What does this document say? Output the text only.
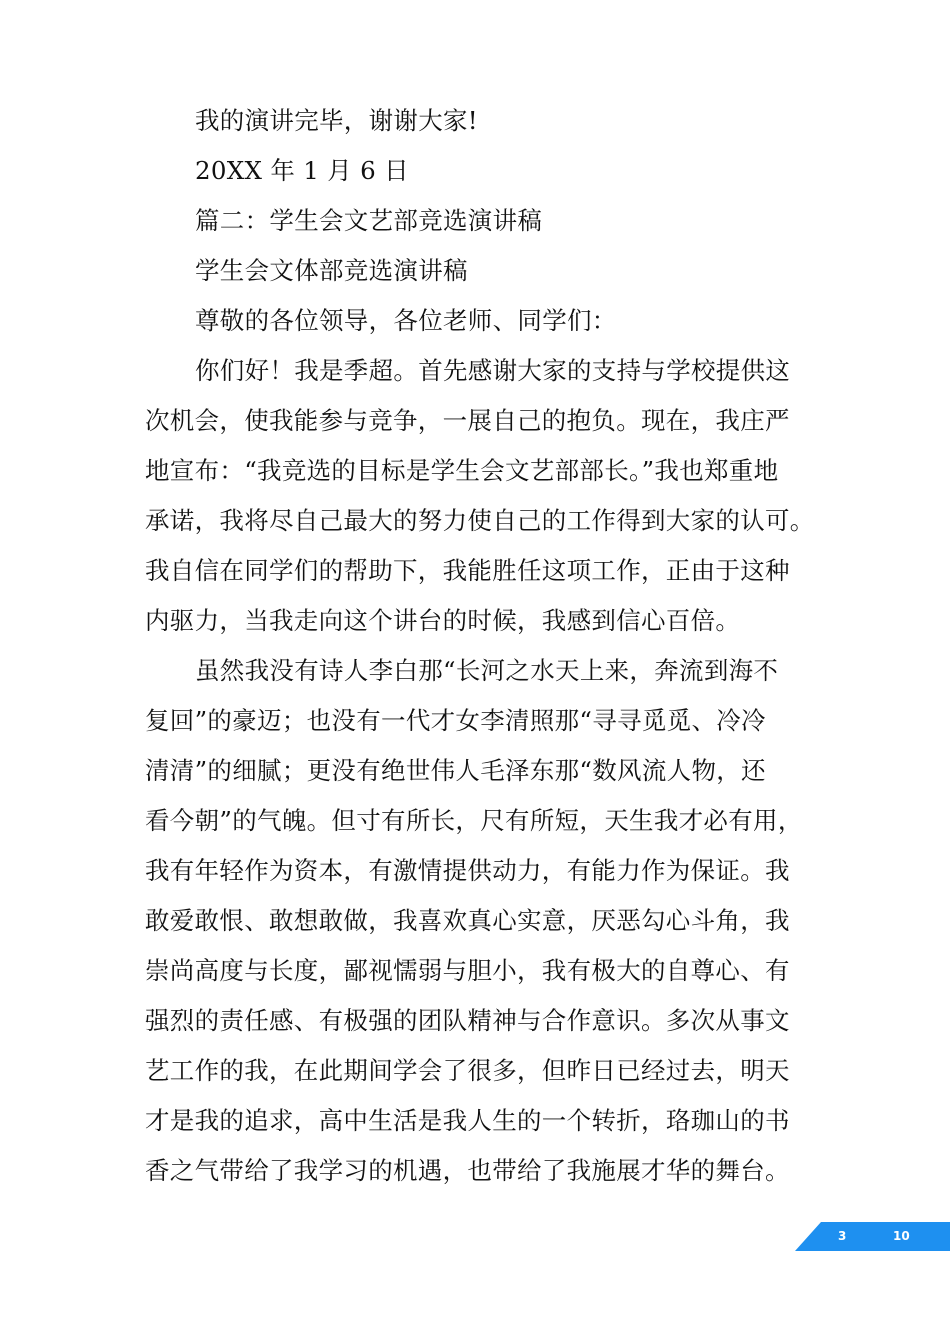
我的演讲完毕，谢谢大家!
20XX 年 1 月 6 日
篇二：学生会文艺部竞选演讲稿
学生会文体部竞选演讲稿
尊敬的各位领导，各位老师、同学们：
你们好！我是季超。首先感谢大家的支持与学校提供这
次机会，使我能参与竞争，一展自己的抱负。现在，我庄严
地宣布：“我竞选的目标是学生会文艺部部长。”我也郑重地
承诺，我将尽自己最大的努力使自己的工作得到大家的认可。
我自信在同学们的帮助下，我能胜任这项工作，正由于这种
内驱力，当我走向这个讲台的时候，我感到信心百倍。
虽然我没有诗人李白那“长河之水天上来，奔流到海不
复回”的豪迈；也没有一代才女李清照那“寻寻觅觅、冷冷
清清”的细腻；更没有绝世伟人毛泽东那“数风流人物，还
看今朝”的气魄。但寸有所长，尺有所短，天生我才必有用，
我有年轻作为资本，有激情提供动力，有能力作为保证。我
敢爱敢恨、敢想敢做，我喜欢真心实意，厌恶勾心斗角，我
崇尚高度与长度，鄙视懦弱与胆小，我有极大的自尊心、有
强烈的责任感、有极强的团队精神与合作意识。多次从事文
艺工作的我，在此期间学会了很多，但昨日已经过去，明天
才是我的追求，高中生活是我人生的一个转折，珞珈山的书
香之气带给了我学习的机遇，也带给了我施展才华的舞台。
3	10
